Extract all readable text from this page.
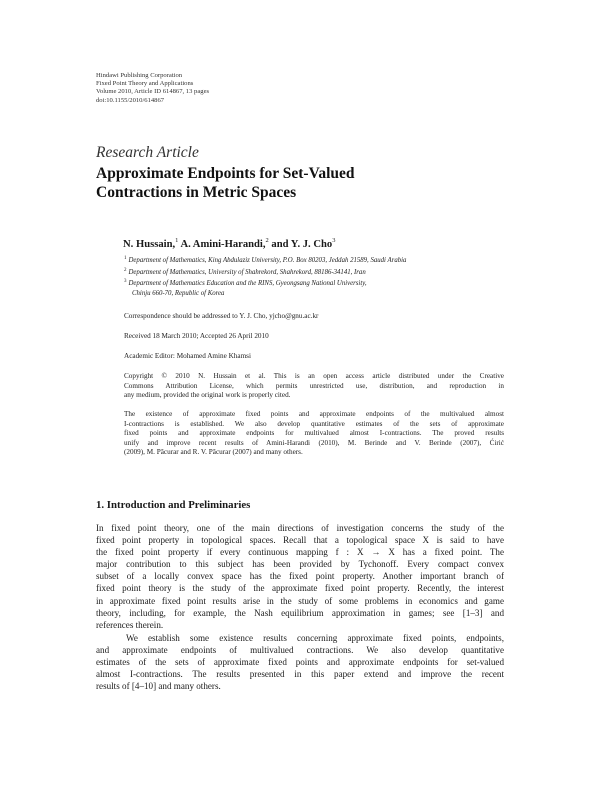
Hindawi Publishing Corporation
Fixed Point Theory and Applications
Volume 2010, Article ID 614867, 13 pages
doi:10.1155/2010/614867
Research Article
Approximate Endpoints for Set-Valued
Contractions in Metric Spaces
N. Hussain,$^1$ A. Amini-Harandi,$^2$ and Y. J. Cho$^3$
$^1$ Department of Mathematics, King Abdulaziz University, P.O. Box 80203, Jeddah 21589, Saudi Arabia
$^2$ Department of Mathematics, University of Shahrekord, Shahrekord, 88186-34141, Iran
$^3$ Department of Mathematics Education and the RINS, Gyeongsang National University,
Chinju 660-70, Republic of Korea
Correspondence should be addressed to Y. J. Cho, yjcho@gnu.ac.kr
Received 18 March 2010; Accepted 26 April 2010
Academic Editor: Mohamed Amine Khamsi
Copyright © 2010 N. Hussain et al. This is an open access article distributed under the Creative
Commons Attribution License, which permits unrestricted use, distribution, and reproduction in
any medium, provided the original work is properly cited.
The existence of approximate fixed points and approximate endpoints of the multivalued almost
I-contractions is established. We also develop quantitative estimates of the sets of approximate
fixed points and approximate endpoints for multivalued almost I-contractions. The proved results
unify and improve recent results of Amini-Harandi (2010), M. Berinde and V. Berinde (2007), Ćirić
(2009), M. Păcurar and R. V. Păcurar (2007) and many others.
1. Introduction and Preliminaries
In fixed point theory, one of the main directions of investigation concerns the study of the
fixed point property in topological spaces. Recall that a topological space X is said to have
the fixed point property if every continuous mapping f : X → X has a fixed point. The
major contribution to this subject has been provided by Tychonoff. Every compact convex
subset of a locally convex space has the fixed point property. Another important branch of
fixed point theory is the study of the approximate fixed point property. Recently, the interest
in approximate fixed point results arise in the study of some problems in economics and game
theory, including, for example, the Nash equilibrium approximation in games; see [1–3] and
references therein.
We establish some existence results concerning approximate fixed points, endpoints,
and approximate endpoints of multivalued contractions. We also develop quantitative
estimates of the sets of approximate fixed points and approximate endpoints for set-valued
almost I-contractions. The results presented in this paper extend and improve the recent
results of [4–10] and many others.
